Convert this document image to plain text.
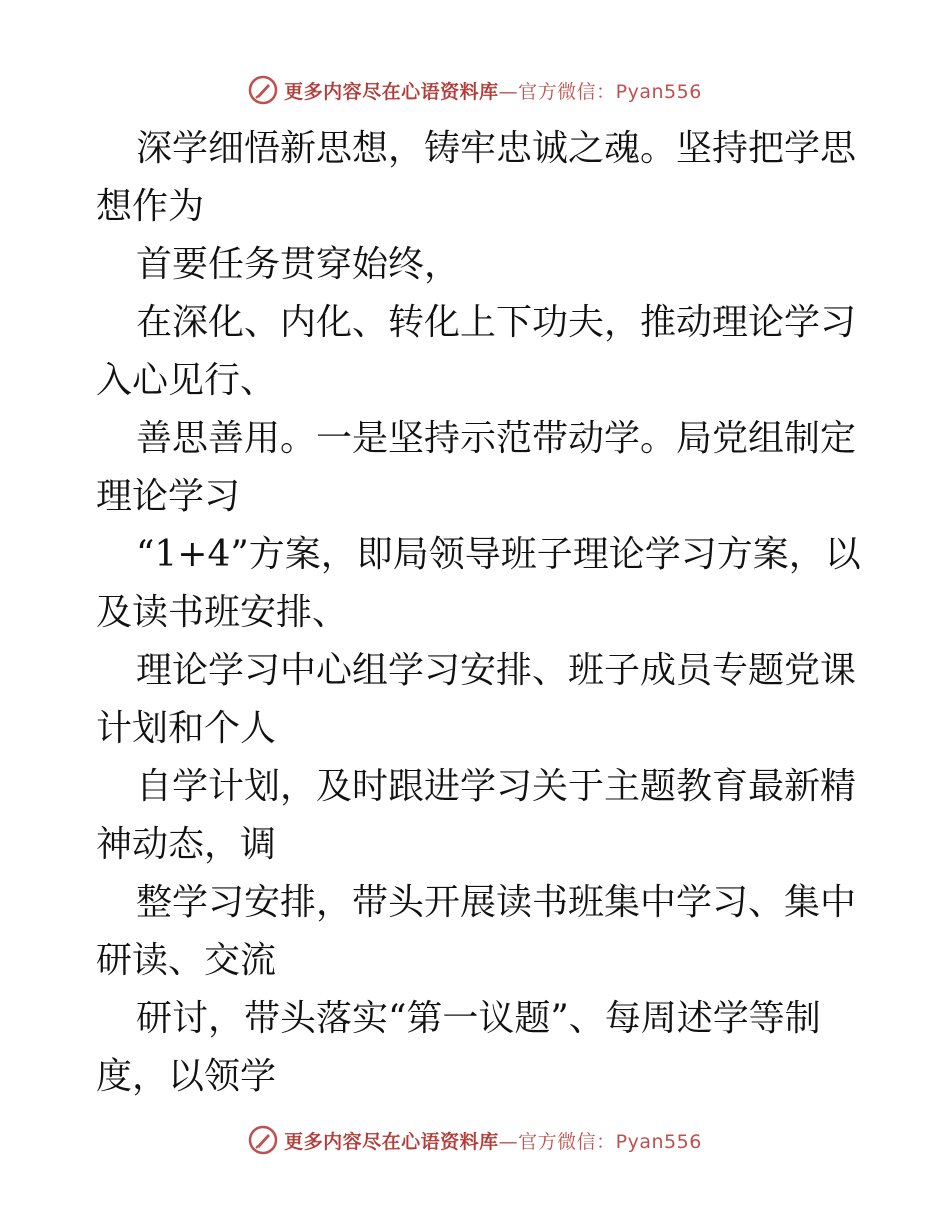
更多内容尽在心语资料库—官方微信：Pyan556

深学细悟新思想，铸牢忠诚之魂。坚持把学思想作为

首要任务贯穿始终，

在深化、内化、转化上下功夫，推动理论学习入心见行、

善思善用。一是坚持示范带动学。局党组制定理论学习

“1+4”方案，即局领导班子理论学习方案，以及读书班安排、

理论学习中心组学习安排、班子成员专题党课计划和个人

自学计划，及时跟进学习关于主题教育最新精神动态，调

整学习安排，带头开展读书班集中学习、集中研读、交流

研讨，带头落实“第一议题”、每周述学等制度，以领学

更多内容尽在心语资料库—官方微信：Pyan556
